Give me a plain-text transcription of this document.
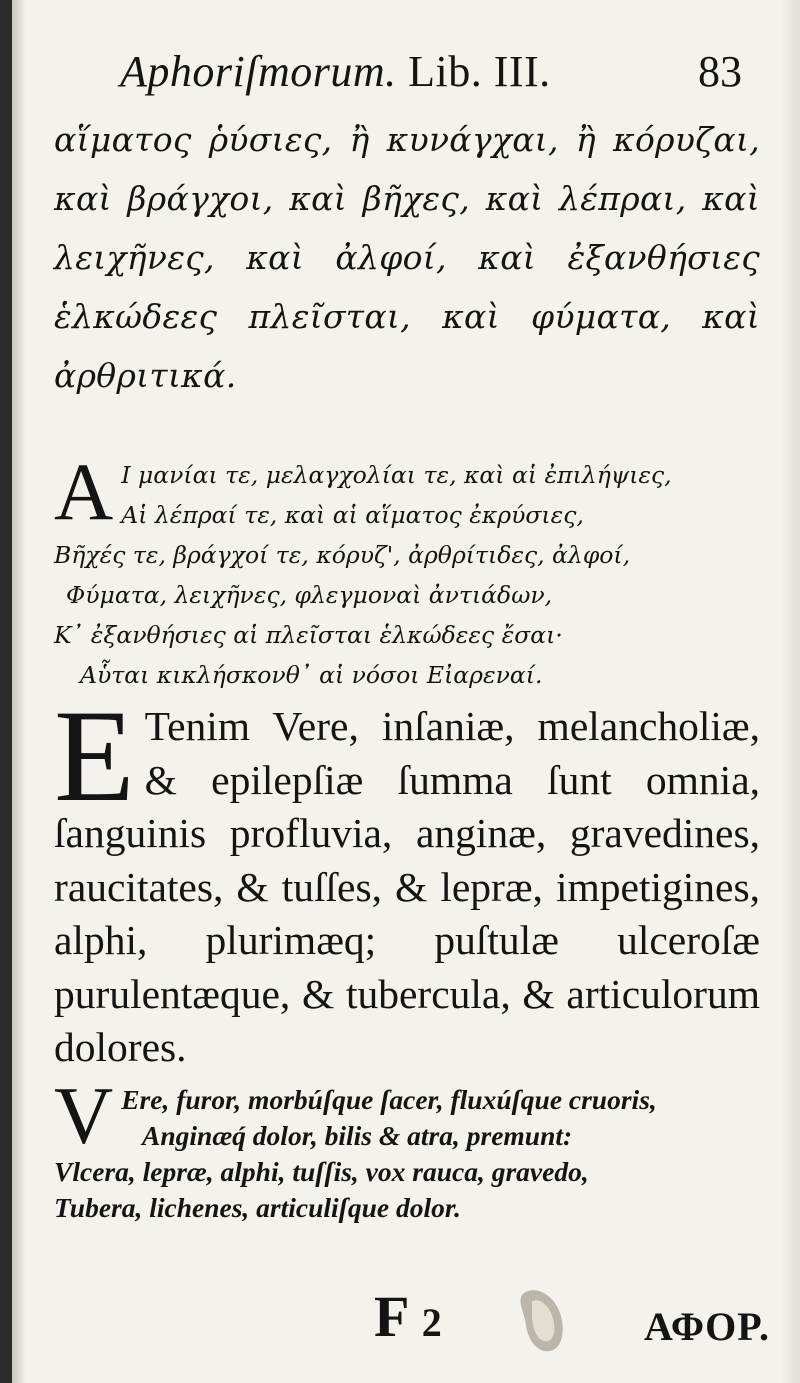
Aphoriſmorum. Lib. III.	83
αἵματος ῥύσιες, ἢ κυνάγχαι, ἢ κόρυζαι, καὶ βράγχοι, καὶ βῆχες, καὶ λέπραι, καὶ λειχῆνες, καὶ ἀλφοί, καὶ ἐξανθήσιες ἑλκώδεες πλεῖσται, καὶ φύματα, καὶ ἀρθριτικά.
A Ι μανίαι τε, μελαγχολίαι τε, καὶ αἱ ἐπιλήψιες,
Αἱ λέπραί τε, καὶ αἱ αἵματος ἐκρύσιες,
Βῆχές τε, βράγχοί τε, κόρυζ', ἀρθρίτιδες, ἀλφοί,
Φύματα, λειχῆνες, φλεγμοναὶ ἀντιάδων,
Κ᾽ ἐξανθήσιες αἱ πλεῖσται ἑλκώδεες ἔσαι·
Αὗται κικλήσκονθ᾽ αἱ νόσοι Εἰαρεναί.
E Tenim Vere, inſaniæ, melancholiæ, & epilepſiæ ſumma ſunt omnia, ſanguinis profluvia, anginæ, gravedines, raucitates, & tuſſes, & lepræ, impetigines, alphi, plurimæq; puſtulæ ulceroſæ purulentæque, & tubercula, & articulorum dolores.
V Ere, furor, morbúſque ſacer, fluxúſque cruoris,
Anginæq́ dolor, bilis & atra, premunt:
Vlcera, lepræ, alphi, tuſſis, vox rauca, gravedo,
Tubera, lichenes, articuliſque dolor.
F 2	ΑΦΟΡ.
